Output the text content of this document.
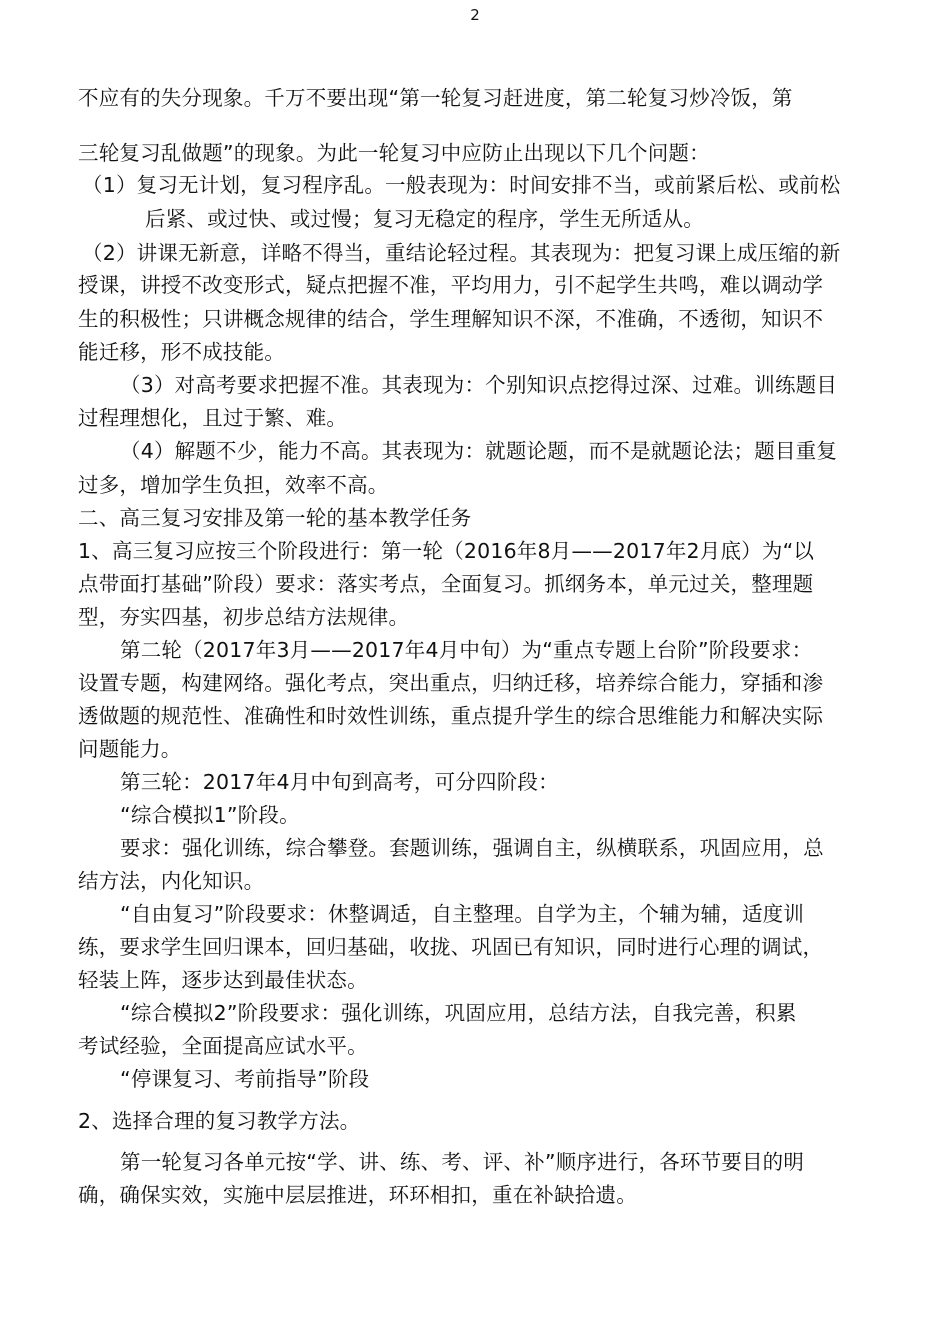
2
不应有的失分现象。千万不要出现“第一轮复习赶进度，第二轮复习炒冷饭，第
三轮复习乱做题”的现象。为此一轮复习中应防止出现以下几个问题：
（1）复习无计划，复习程序乱。一般表现为：时间安排不当，或前紧后松、或前松
后紧、或过快、或过慢；复习无稳定的程序，学生无所适从。
（2）讲课无新意，详略不得当，重结论轻过程。其表现为：把复习课上成压缩的新
授课，讲授不改变形式，疑点把握不准，平均用力，引不起学生共鸣，难以调动学
生的积极性；只讲概念规律的结合，学生理解知识不深，不准确，不透彻，知识不
能迁移，形不成技能。
（3）对高考要求把握不准。其表现为：个别知识点挖得过深、过难。训练题目
过程理想化，且过于繁、难。
（4）解题不少，能力不高。其表现为：就题论题，而不是就题论法；题目重复
过多，增加学生负担，效率不高。
二、高三复习安排及第一轮的基本教学任务
1、高三复习应按三个阶段进行：第一轮（2016年8月——2017年2月底）为“以
点带面打基础”阶段）要求：落实考点，全面复习。抓纲务本，单元过关，整理题
型，夯实四基，初步总结方法规律。
第二轮（2017年3月——2017年4月中旬）为“重点专题上台阶”阶段要求：
设置专题，构建网络。强化考点，突出重点，归纳迁移，培养综合能力，穿插和渗
透做题的规范性、准确性和时效性训练，重点提升学生的综合思维能力和解决实际
问题能力。
第三轮：2017年4月中旬到高考，可分四阶段：
“综合模拟1”阶段。
要求：强化训练，综合攀登。套题训练，强调自主，纵横联系，巩固应用，总
结方法，内化知识。
“自由复习”阶段要求：休整调适，自主整理。自学为主，个辅为辅，适度训
练，要求学生回归课本，回归基础，收拢、巩固已有知识，同时进行心理的调试，
轻装上阵，逐步达到最佳状态。
“综合模拟2”阶段要求：强化训练，巩固应用，总结方法，自我完善，积累
考试经验，全面提高应试水平。
“停课复习、考前指导”阶段
2、选择合理的复习教学方法。
第一轮复习各单元按“学、讲、练、考、评、补”顺序进行，各环节要目的明
确，确保实效，实施中层层推进，环环相扣，重在补缺拾遗。
